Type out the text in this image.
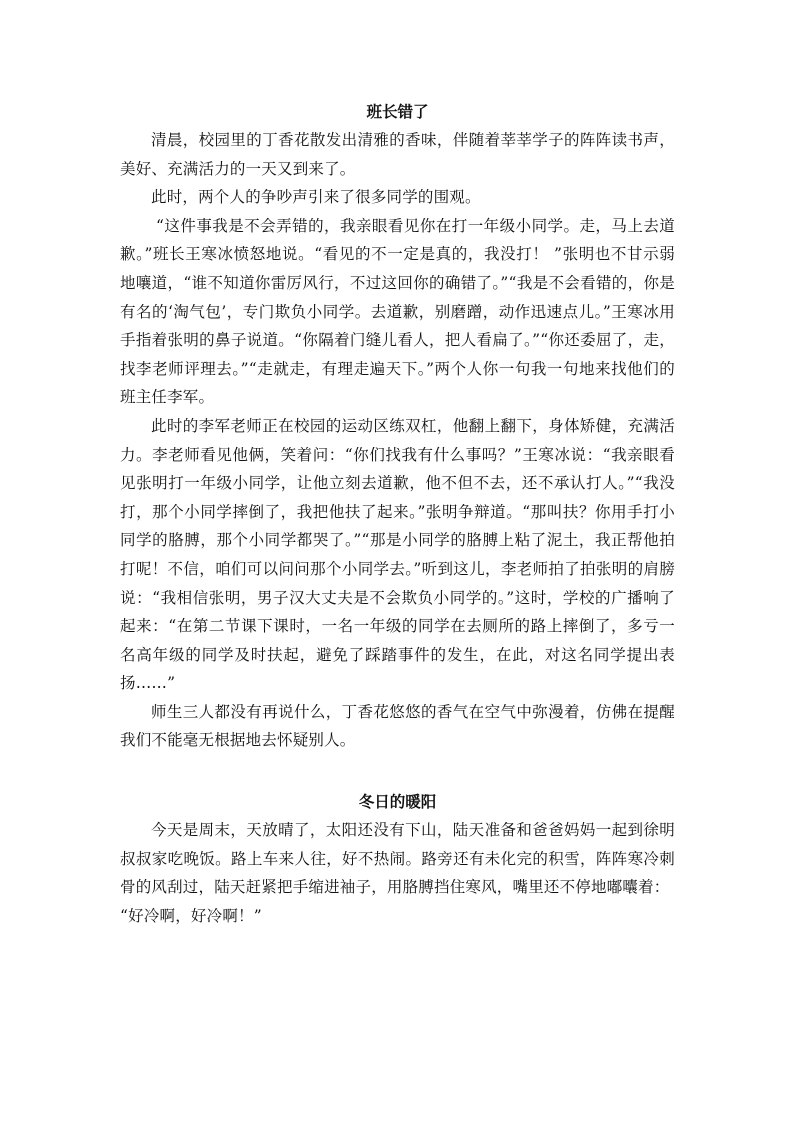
班长错了

清晨，校园里的丁香花散发出清雅的香味，伴随着莘莘学子的阵阵读书声，美好、充满活力的一天又到来了。

此时，两个人的争吵声引来了很多同学的围观。

“这件事我是不会弄错的，我亲眼看见你在打一年级小同学。走，马上去道歉。”班长王寒冰愤怒地说。“看见的不一定是真的，我没打！ ”张明也不甘示弱地嚷道，“谁不知道你雷厉风行，不过这回你的确错了。”“我是不会看错的，你是有名的‘淘气包’，专门欺负小同学。去道歉，别磨蹭，动作迅速点儿。”王寒冰用手指着张明的鼻子说道。“你隔着门缝儿看人，把人看扁了。”“你还委屈了，走，找李老师评理去。”“走就走，有理走遍天下。”两个人你一句我一句地来找他们的班主任李军。

此时的李军老师正在校园的运动区练双杠，他翻上翻下，身体矫健，充满活力。李老师看见他俩，笑着问：“你们找我有什么事吗？”王寒冰说：“我亲眼看见张明打一年级小同学，让他立刻去道歉，他不但不去，还不承认打人。”“我没打，那个小同学摔倒了，我把他扶了起来。”张明争辩道。“那叫扶？你用手打小同学的胳膊，那个小同学都哭了。”“那是小同学的胳膊上粘了泥土，我正帮他拍打呢！不信，咱们可以问问那个小同学去。”听到这儿，李老师拍了拍张明的肩膀说：“我相信张明，男子汉大丈夫是不会欺负小同学的。”这时，学校的广播响了起来：“在第二节课下课时，一名一年级的同学在去厕所的路上摔倒了，多亏一名高年级的同学及时扶起，避免了踩踏事件的发生，在此，对这名同学提出表扬……”

师生三人都没有再说什么，丁香花悠悠的香气在空气中弥漫着，仿佛在提醒我们不能毫无根据地去怀疑别人。

冬日的暖阳

今天是周末，天放晴了，太阳还没有下山，陆天准备和爸爸妈妈一起到徐明叔叔家吃晚饭。路上车来人往，好不热闹。路旁还有未化完的积雪，阵阵寒冷刺骨的风刮过，陆天赶紧把手缩进袖子，用胳膊挡住寒风，嘴里还不停地嘟囔着：

“好冷啊，好冷啊！”
